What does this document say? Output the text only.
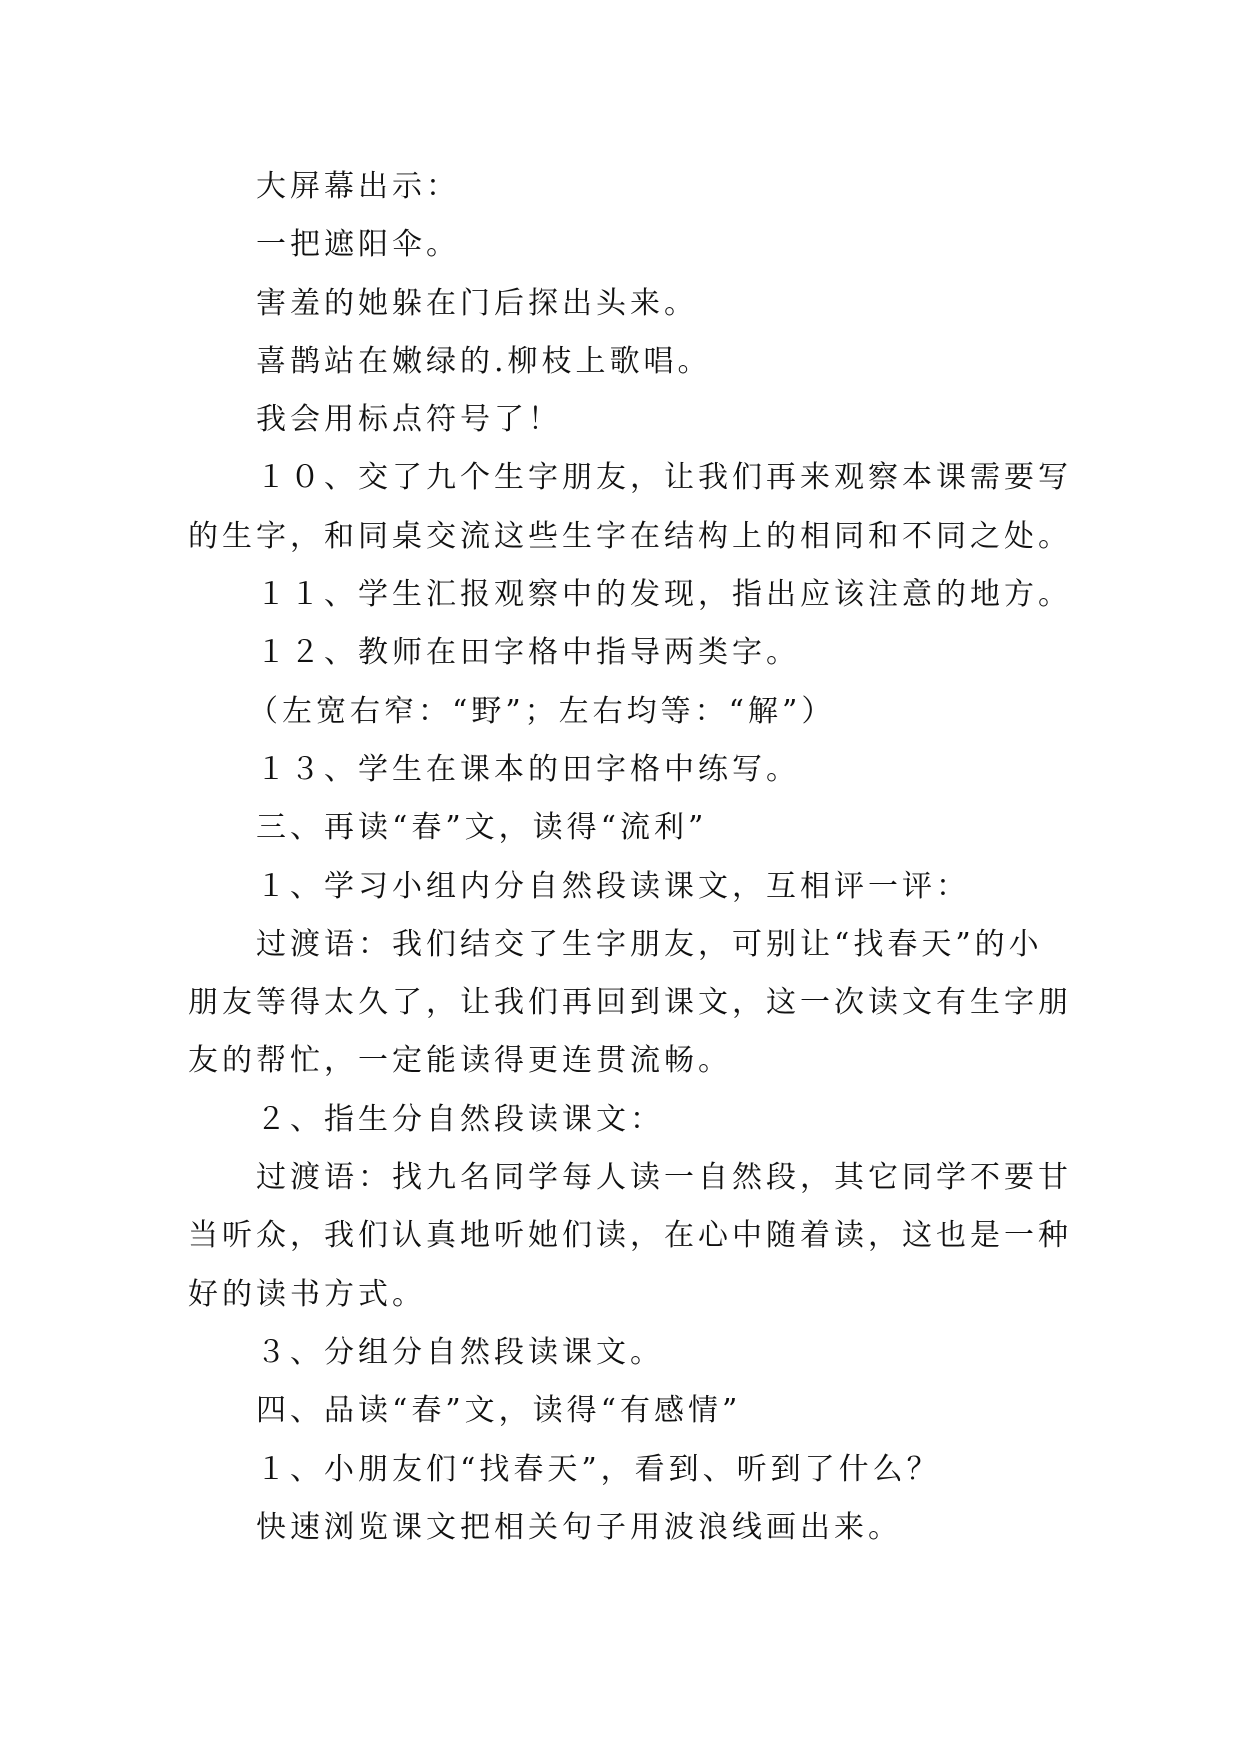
大屏幕出示：
一把遮阳伞。
害羞的她躲在门后探出头来。
喜鹊站在嫩绿的.柳枝上歌唱。
我会用标点符号了！
１０、交了九个生字朋友，让我们再来观察本课需要写
的生字，和同桌交流这些生字在结构上的相同和不同之处。
１１、学生汇报观察中的发现，指出应该注意的地方。
１２、教师在田字格中指导两类字。
（左宽右窄：“野”；左右均等：“解”）
１３、学生在课本的田字格中练写。
三、再读“春”文，读得“流利”
１、学习小组内分自然段读课文，互相评一评：
过渡语：我们结交了生字朋友，可别让“找春天”的小
朋友等得太久了，让我们再回到课文，这一次读文有生字朋
友的帮忙，一定能读得更连贯流畅。
２、指生分自然段读课文：
过渡语：找九名同学每人读一自然段，其它同学不要甘
当听众，我们认真地听她们读，在心中随着读，这也是一种
好的读书方式。
３、分组分自然段读课文。
四、品读“春”文，读得“有感情”
１、小朋友们“找春天”，看到、听到了什么？
快速浏览课文把相关句子用波浪线画出来。
